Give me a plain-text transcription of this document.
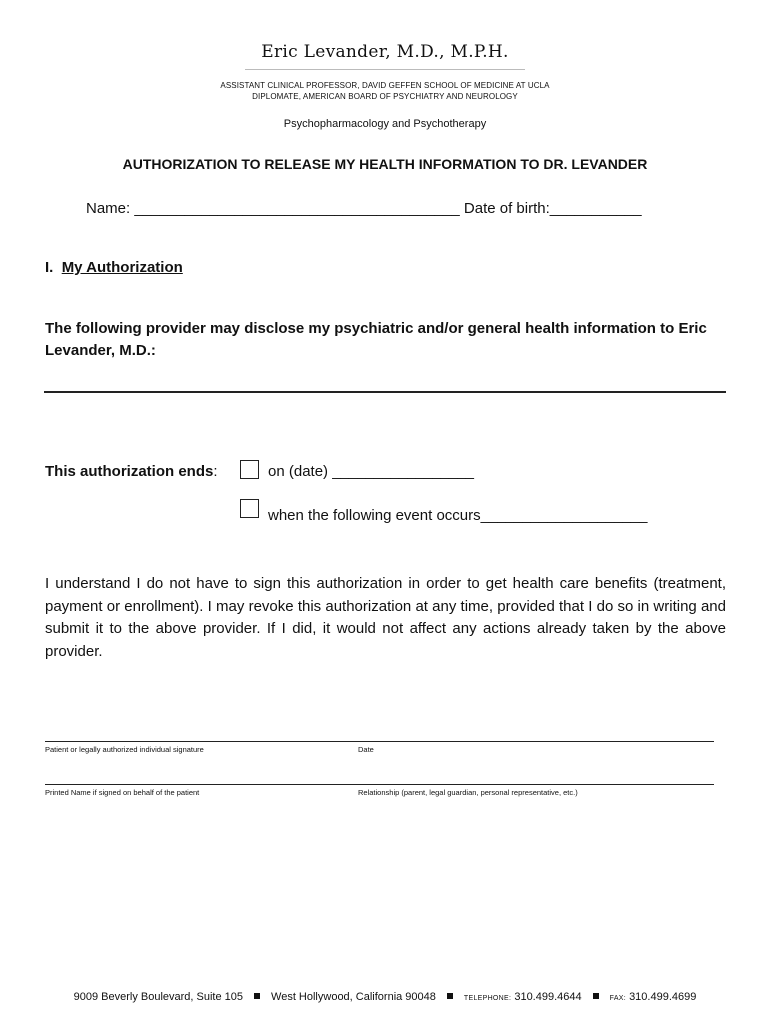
Eric Levander, M.D., M.P.H.
ASSISTANT CLINICAL PROFESSOR, DAVID GEFFEN SCHOOL OF MEDICINE AT UCLA
DIPLOMATE, AMERICAN BOARD OF PSYCHIATRY AND NEUROLOGY
Psychopharmacology and Psychotherapy
AUTHORIZATION TO RELEASE MY HEALTH INFORMATION TO DR. LEVANDER
Name: _______________________________________ Date of birth:___________
I. My Authorization
The following provider may disclose my psychiatric and/or general health information to Eric Levander, M.D.:
This authorization ends:	on (date) _________________
when the following event occurs____________________
I understand I do not have to sign this authorization in order to get health care benefits (treatment, payment or enrollment). I may revoke this authorization at any time, provided that I do so in writing and submit it to the above provider. If I did, it would not affect any actions already taken by the above provider.
Patient or legally authorized individual signature	Date
Printed Name if signed on behalf of the patient	Relationship (parent, legal guardian, personal representative, etc.)
9009 Beverly Boulevard, Suite 105	West Hollywood, California 90048	TELEPHONE: 310.499.4644	FAX: 310.499.4699
